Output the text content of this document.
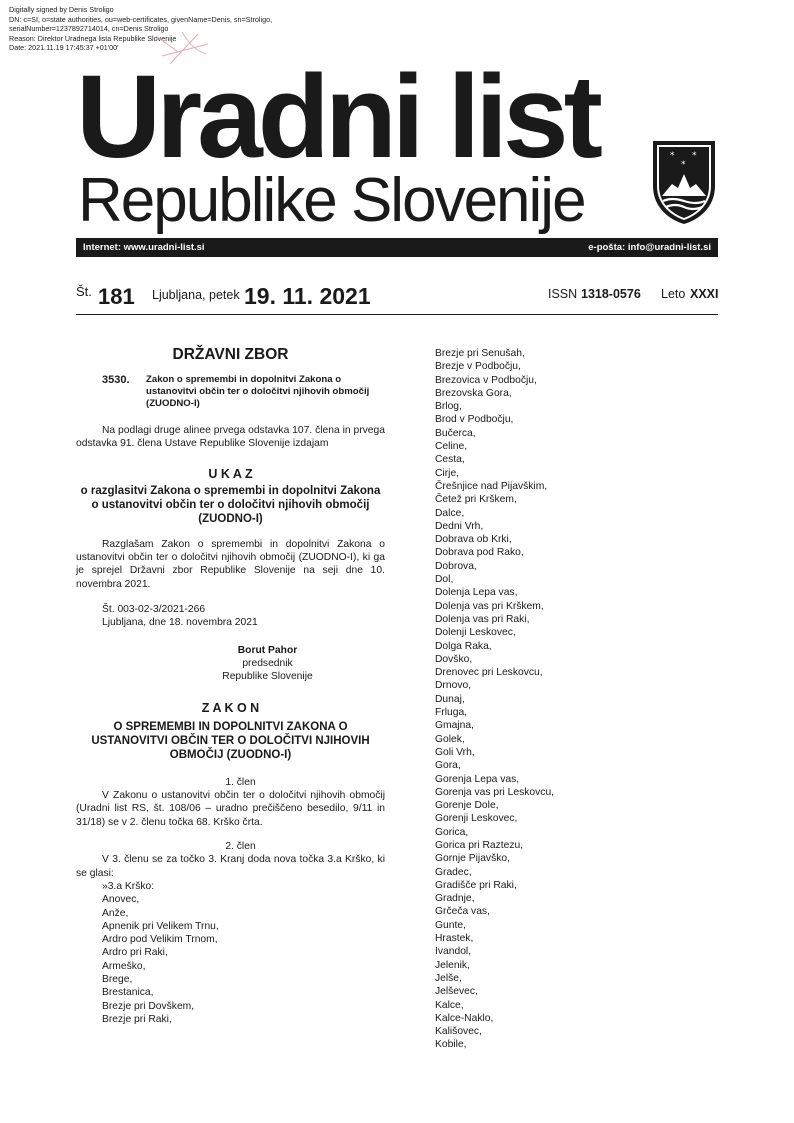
Digitally signed by Denis Stroligo
DN: c=SI, o=state authorities, ou=web-certificates, givenName=Denis, sn=Stroligo,
serialNumber=1237892714014, cn=Denis Stroligo
Reason: Direktor Uradnega lista Republike Slovenije
Date: 2021.11.19 17:45:37 +01'00'
Uradni list
Republike Slovenije
* *
*
Internet: www.uradni-list.si	e-pošta: info@uradni-list.si
Št. 181 Ljubljana, petek 19. 11. 2021	ISSN 1318-0576 Leto XXXI

DRŽAVNI ZBOR

3530. Zakon o spremembi in dopolnitvi Zakona o ustanovitvi občin ter o določitvi njihovih območij (ZUODNO-I)

Na podlagi druge alinee prvega odstavka 107. člena in prvega odstavka 91. člena Ustave Republike Slovenije izdajam

U K A Z

o razglasitvi Zakona o spremembi in dopolnitvi Zakona o ustanovitvi občin ter o določitvi njihovih območij (ZUODNO-I)

Razglašam Zakon o spremembi in dopolnitvi Zakona o ustanovitvi občin ter o določitvi njihovih območij (ZUODNO-I), ki ga je sprejel Državni zbor Republike Slovenije na seji dne 10. novembra 2021.

Št. 003-02-3/2021-266

Ljubljana, dne 18. novembra 2021

Borut Pahor

predsednik

Republike Slovenije

Z A K O N

O SPREMEMBI IN DOPOLNITVI ZAKONA O USTANOVITVI OBČIN TER O DOLOČITVI NJIHOVIH OBMOČIJ (ZUODNO-I)

1. člen

V Zakonu o ustanovitvi občin ter o določitvi njihovih območij (Uradni list RS, št. 108/06 – uradno prečiščeno besedilo, 9/11 in 31/18) se v 2. členu točka 68. Krško črta.

2. člen

V 3. členu se za točko 3. Kranj doda nova točka 3.a Krško, ki se glasi:

»3.a Krško:

Anovec,

Anže,

Apnenik pri Velikem Trnu,

Ardro pod Velikim Trnom,

Ardro pri Raki,

Armeško,

Brege,

Brestanica,

Brezje pri Dovškem,

Brezje pri Raki,

Brezje pri Senušah,

Brezje v Podbočju,

Brezovica v Podbočju,

Brezovska Gora,

Brlog,

Brod v Podbočju,

Bučerca,

Celine,

Cesta,

Cirje,

Črešnjice nad Pijavškim,

Četež pri Krškem,

Dalce,

Dedni Vrh,

Dobrava ob Krki,

Dobrava pod Rako,

Dobrova,

Dol,

Dolenja Lepa vas,

Dolenja vas pri Krškem,

Dolenja vas pri Raki,

Dolenji Leskovec,

Dolga Raka,

Dovško,

Drenovec pri Leskovcu,

Drnovo,

Dunaj,

Frluga,

Gmajna,

Golek,

Goli Vrh,

Gora,

Gorenja Lepa vas,

Gorenja vas pri Leskovcu,

Gorenje Dole,

Gorenji Leskovec,

Gorica,

Gorica pri Raztezu,

Gornje Pijavško,

Gradec,

Gradišče pri Raki,

Gradnje,

Grčeča vas,

Gunte,

Hrastek,

Ivandol,

Jelenik,

Jelše,

Jelševec,

Kalce,

Kalce-Naklo,

Kališovec,

Kobile,
